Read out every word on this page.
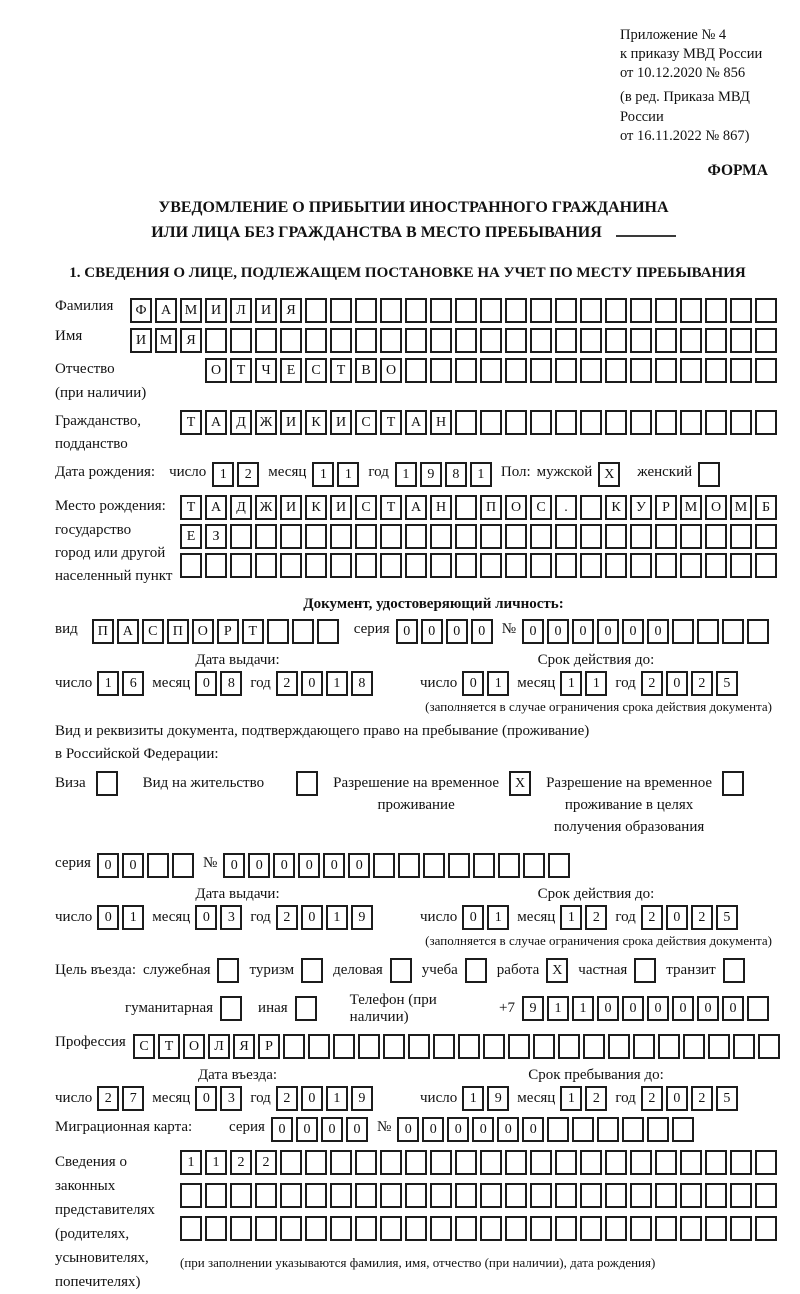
Приложение № 4
к приказу МВД России
от 10.12.2020 № 856
(в ред. Приказа МВД России
от 16.11.2022 № 867)
ФОРМА
УВЕДОМЛЕНИЕ О ПРИБЫТИИ ИНОСТРАННОГО ГРАЖДАНИНА
ИЛИ ЛИЦА БЕЗ ГРАЖДАНСТВА В МЕСТО ПРЕБЫВАНИЯ
1. СВЕДЕНИЯ О ЛИЦЕ, ПОДЛЕЖАЩЕМ ПОСТАНОВКЕ НА УЧЕТ ПО МЕСТУ ПРЕБЫВАНИЯ
Фамилия	Ф	А М И	Л	И	Я
Имя	И М	Я
Отчество
(при наличии)
О	Т	Ч	Е	С	Т	В	О
Гражданство,
подданство
Т	А	Д Ж И	К	И	С	Т	А	Н
Дата рождения: число 1	2	месяц 1	1	год 1	9	8	1	Пол: мужской X	женский
Место рождения:
государство
город или другой
населенный пункт
Т	А	Д Ж И	К	И	С	Т	А	Н	П	О	С	.	К	У	Р	М О М	Б
Е	З
Документ, удостоверяющий личность:
вид	П	А	С	П	О	Р	Т	серия 0	0	0	0	№ 0	0	0	0	0	0
Дата выдачи:
число 1	6	месяц 0	8	год 2	0	1	8
Срок действия до:
число 0	1	месяц 1	1	год 2	0	2	5
(заполняется в случае ограничения срока действия документа)
Вид и реквизиты документа, подтверждающего право на пребывание (проживание)
в Российской Федерации:
Виза	Вид на жительство	Разрешение на временное
проживание
X	Разрешение на временное
проживание в целях
получения образования
серия 0	0	№ 0	0	0	0	0	0
Дата выдачи:
число 0	1	месяц 0	3	год 2	0	1	9
Срок действия до:
число 0	1	месяц 1	2	год 2	0	2	5
(заполняется в случае ограничения срока действия документа)
Цель въезда: служебная	туризм	деловая	учеба	работа X	частная	транзит
гуманитарная	иная
Телефон (при наличии)
+7	9	1	1	0	0	0	0	0	0
Профессия С	Т	О	Л	Я	Р
Дата въезда:
число 2	7	месяц 0	3	год 2	0	1	9
Срок пребывания до:
число 1	9	месяц 1	2	год 2	0	2	5
Миграционная карта:	серия 0	0	0	0	№ 0	0	0	0	0	0
Сведения о
законных
представителях
(родителях,
усыновителях,
попечителях)
1	1	2	2
(при заполнении указываются фамилия, имя, отчество (при наличии), дата рождения)
